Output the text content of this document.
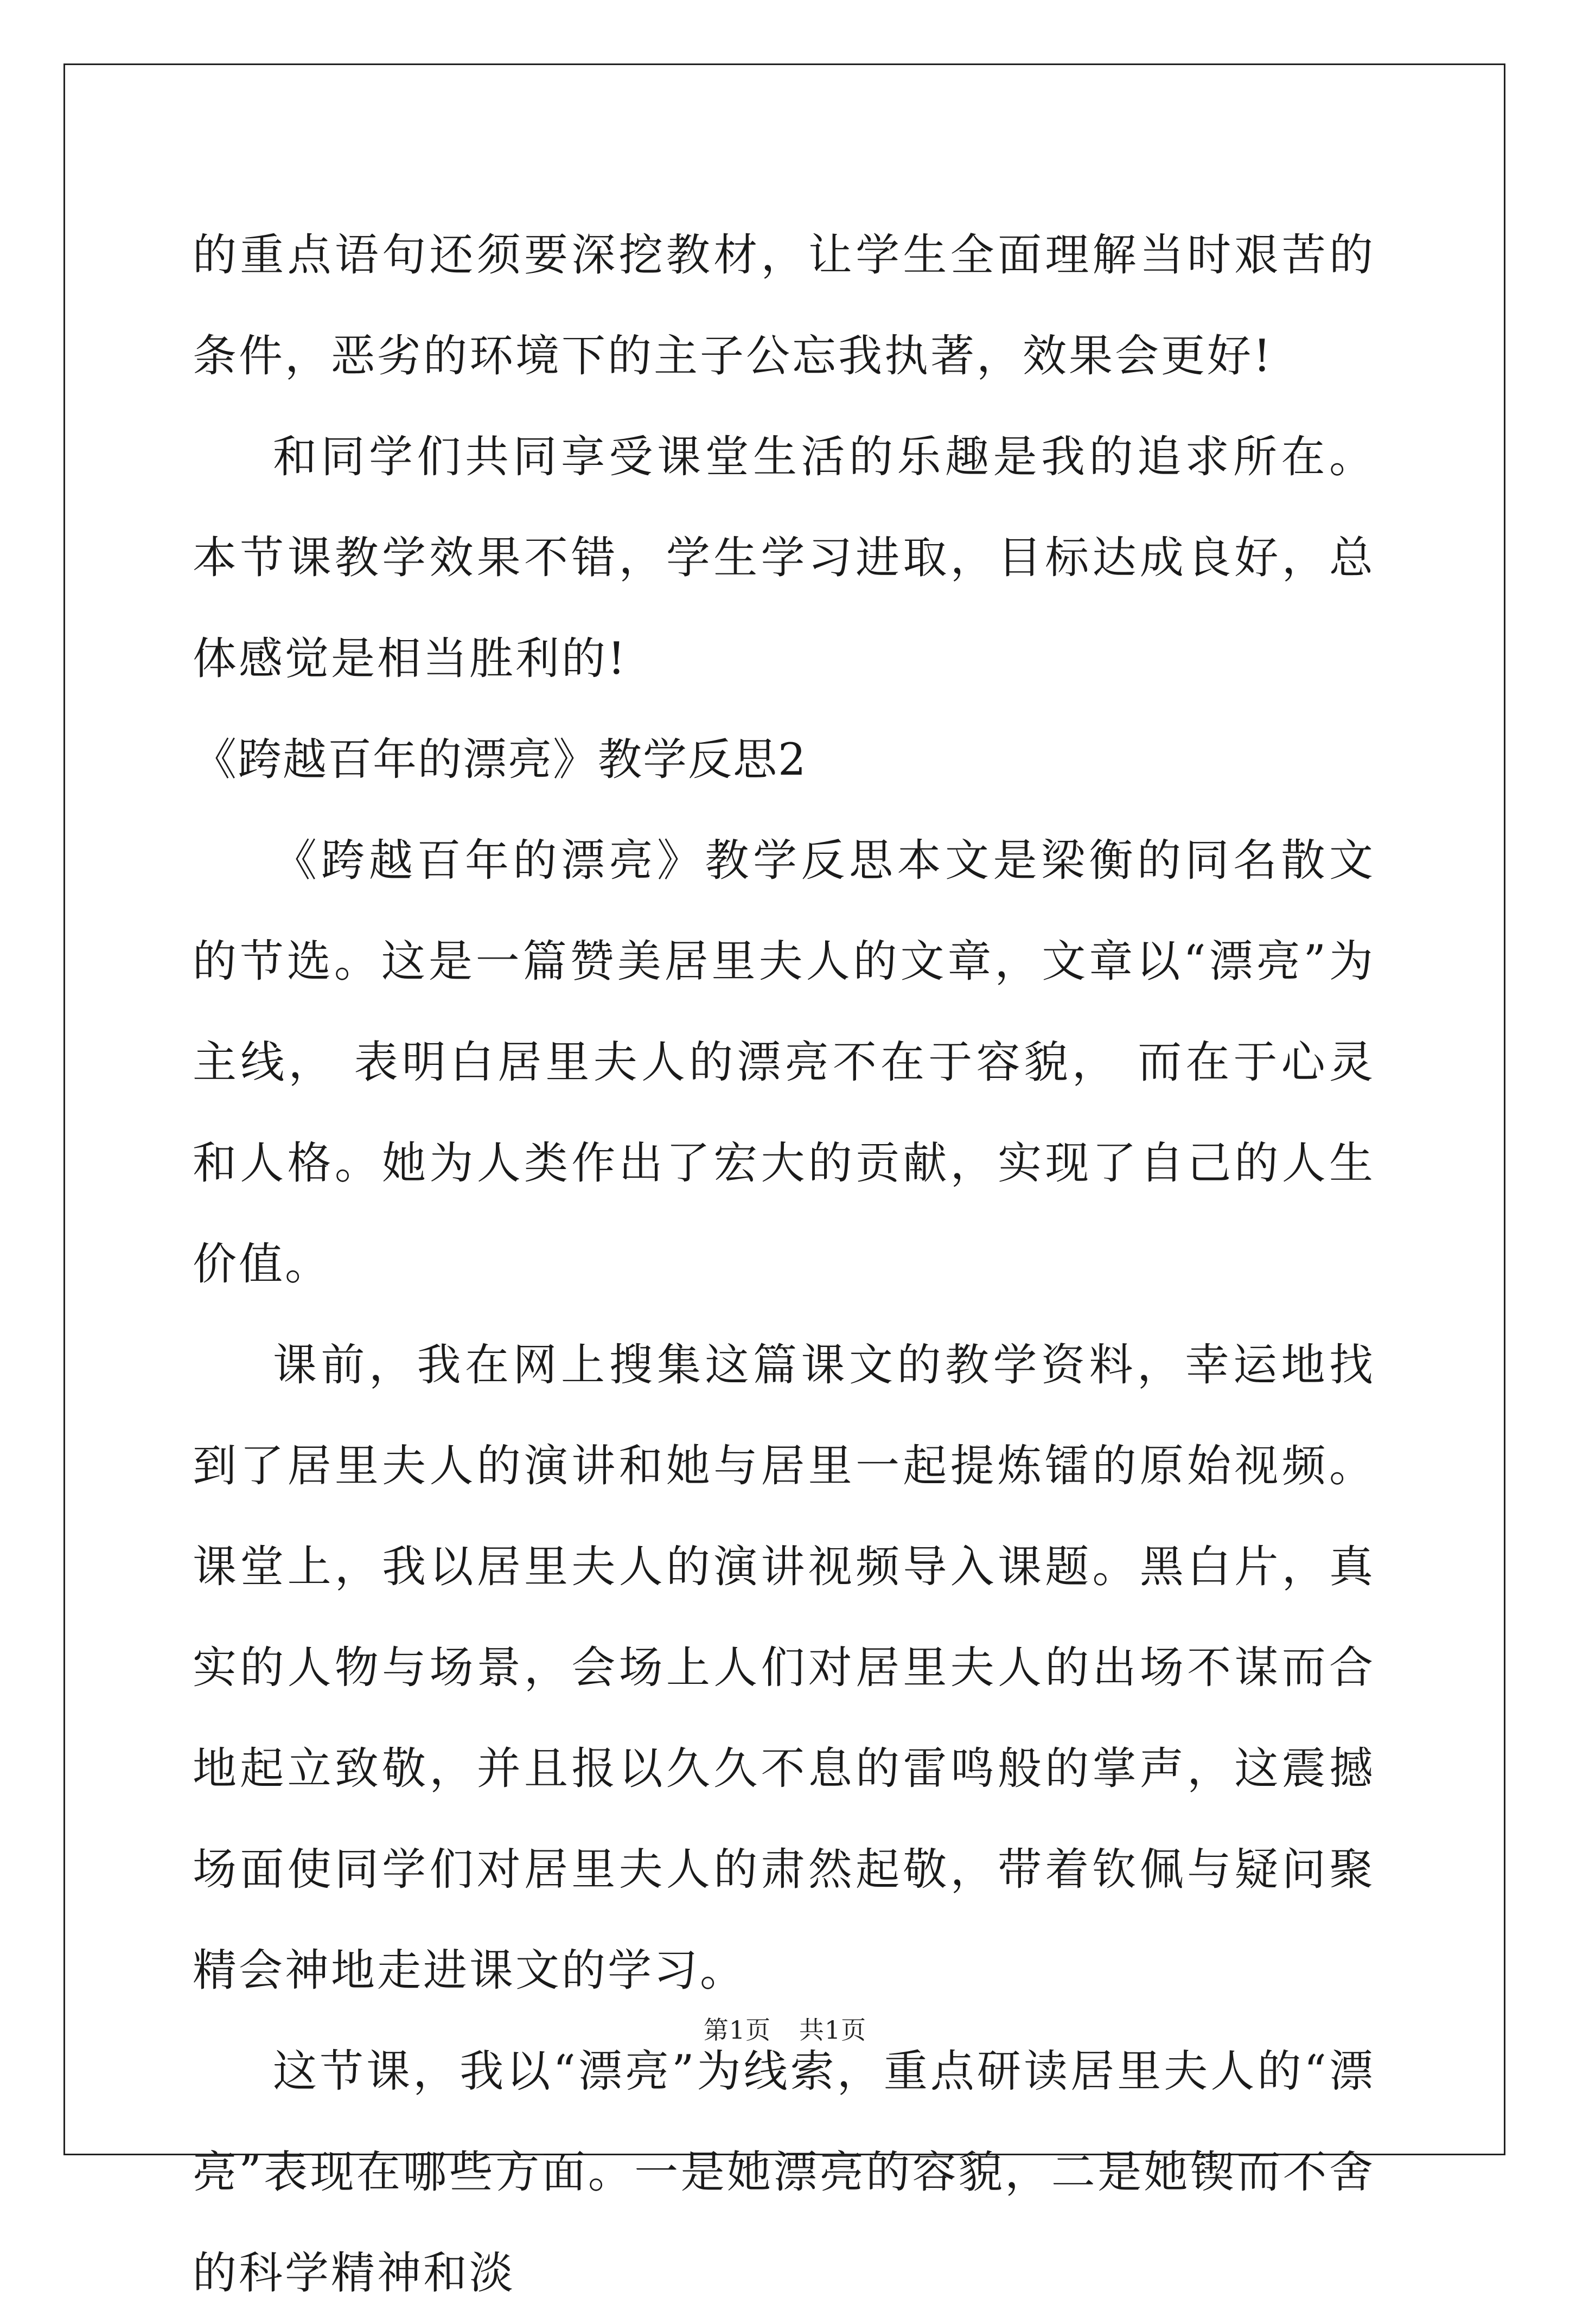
的重点语句还须要深挖教材，让学生全面理解当时艰苦的条件，恶劣的环境下的主子公忘我执著，效果会更好!

和同学们共同享受课堂生活的乐趣是我的追求所在。本节课教学效果不错，学生学习进取，目标达成良好，总体感觉是相当胜利的!

《跨越百年的漂亮》教学反思2

《跨越百年的漂亮》教学反思本文是梁衡的同名散文的节选。这是一篇赞美居里夫人的文章，文章以“漂亮”为主线， 表明白居里夫人的漂亮不在于容貌， 而在于心灵和人格。她为人类作出了宏大的贡献，实现了自己的人生价值。

课前，我在网上搜集这篇课文的教学资料，幸运地找到了居里夫人的演讲和她与居里一起提炼镭的原始视频。课堂上，我以居里夫人的演讲视频导入课题。黑白片，真实的人物与场景，会场上人们对居里夫人的出场不谋而合地起立致敬，并且报以久久不息的雷鸣般的掌声，这震撼场面使同学们对居里夫人的肃然起敬，带着钦佩与疑问聚精会神地走进课文的学习。

这节课，我以“漂亮”为线索，重点研读居里夫人的“漂亮”表现在哪些方面。一是她漂亮的容貌，二是她锲而不舍的科学精神和淡

第1页 共1页
